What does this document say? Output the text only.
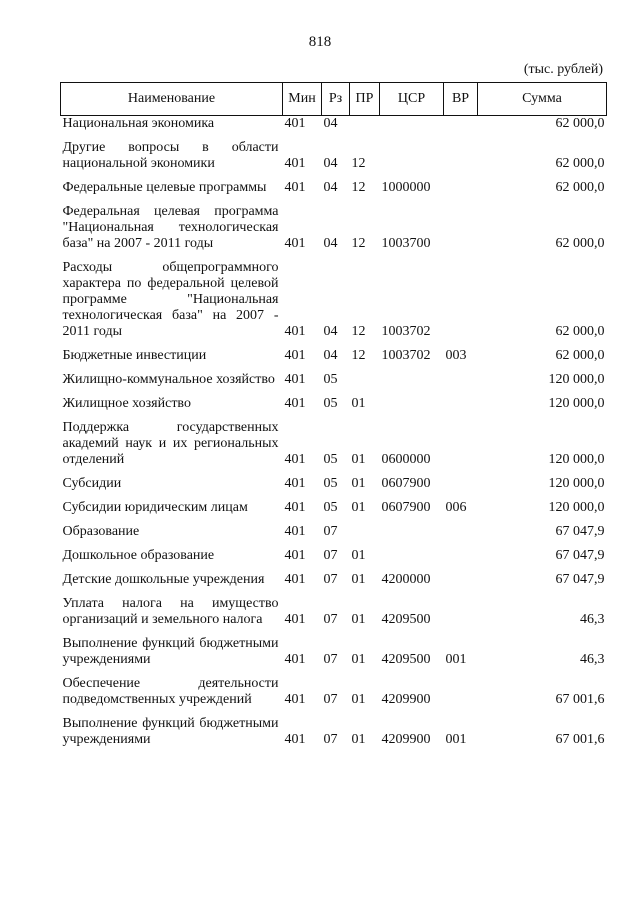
818
(тыс. рублей)
Наименование	Мин	Рз	ПР	ЦСР	ВР	Сумма
Национальная экономика	401	04				62 000,0

Другие вопросы в области национальной экономики	401	04	12			62 000,0

Федеральные целевые программы	401	04	12	1000000		62 000,0

Федеральная целевая программа "Национальная технологическая база" на 2007 - 2011 годы	401	04	12	1003700		62 000,0

Расходы общепрограммного характера по федеральной целевой программе "Национальная технологическая база" на 2007 - 2011 годы	401	04	12	1003702		62 000,0

Бюджетные инвестиции	401	04	12	1003702	003	62 000,0

Жилищно-коммунальное хозяйство	401	05				120 000,0

Жилищное хозяйство	401	05	01			120 000,0

Поддержка государственных академий наук и их региональных отделений	401	05	01	0600000		120 000,0

Субсидии	401	05	01	0607900		120 000,0

Субсидии юридическим лицам	401	05	01	0607900	006	120 000,0

Образование	401	07				67 047,9

Дошкольное образование	401	07	01			67 047,9

Детские дошкольные учреждения	401	07	01	4200000		67 047,9

Уплата налога на имущество организаций и земельного налога	401	07	01	4209500		46,3

Выполнение функций бюджетными учреждениями	401	07	01	4209500	001	46,3

Обеспечение деятельности подведомственных учреждений	401	07	01	4209900		67 001,6

Выполнение функций бюджетными учреждениями	401	07	01	4209900	001	67 001,6
